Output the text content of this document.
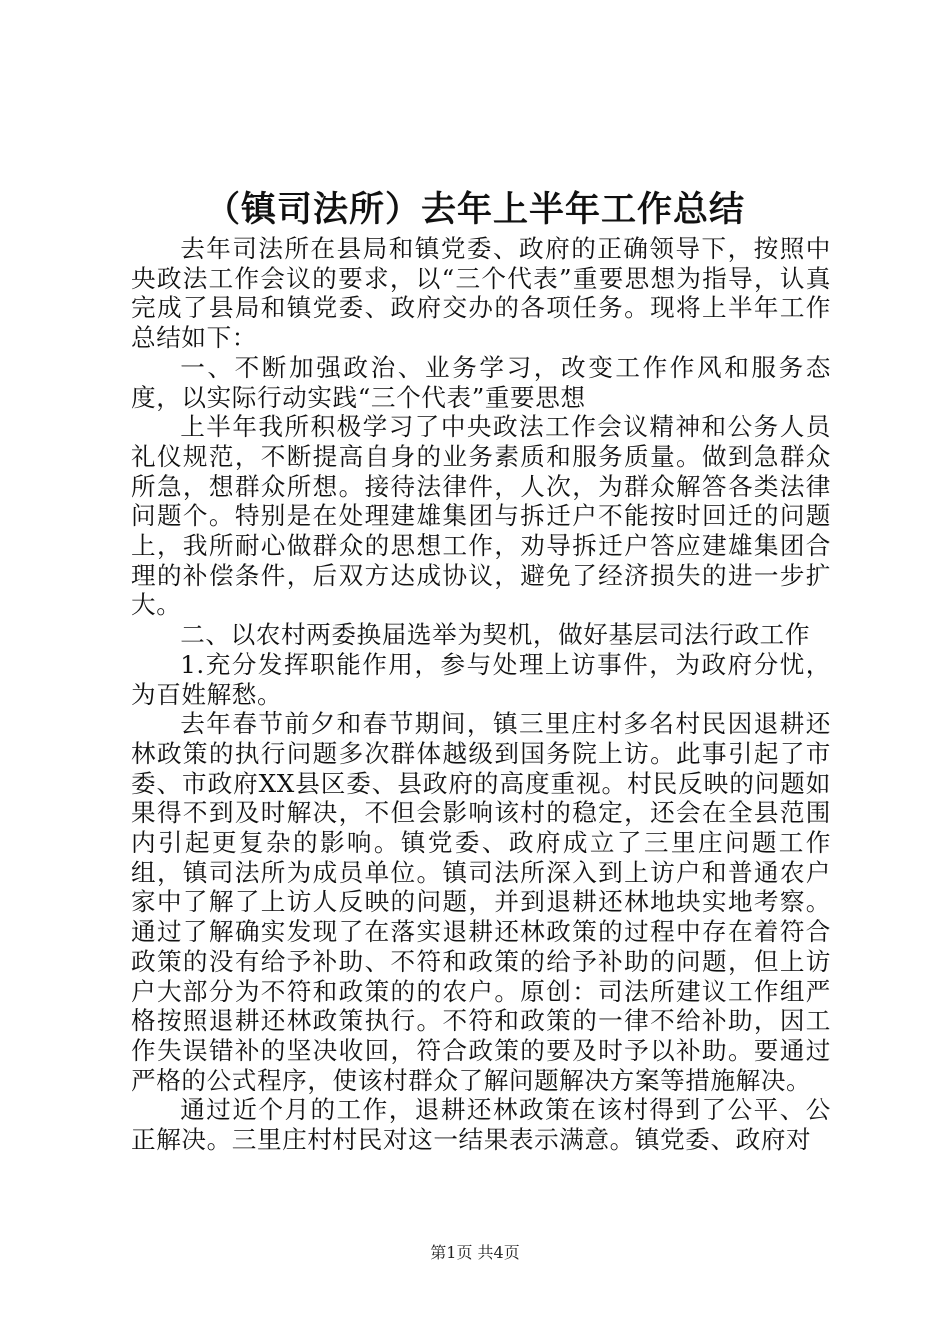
（镇司法所）去年上半年工作总结

去年司法所在县局和镇党委、政府的正确领导下，按照中央政法工作会议的要求，以“三个代表”重要思想为指导，认真完成了县局和镇党委、政府交办的各项任务。现将上半年工作总结如下：

一、不断加强政治、业务学习，改变工作作风和服务态度，以实际行动实践“三个代表”重要思想

上半年我所积极学习了中央政法工作会议精神和公务人员礼仪规范，不断提高自身的业务素质和服务质量。做到急群众所急，想群众所想。接待法律件，人次，为群众解答各类法律问题个。特别是在处理建雄集团与拆迁户不能按时回迁的问题上，我所耐心做群众的思想工作，劝导拆迁户答应建雄集团合理的补偿条件，后双方达成协议，避免了经济损失的进一步扩大。

二、以农村两委换届选举为契机，做好基层司法行政工作

1.充分发挥职能作用，参与处理上访事件，为政府分忧，为百姓解愁。

去年春节前夕和春节期间，镇三里庄村多名村民因退耕还林政策的执行问题多次群体越级到国务院上访。此事引起了市委、市政府XX县区委、县政府的高度重视。村民反映的问题如果得不到及时解决，不但会影响该村的稳定，还会在全县范围内引起更复杂的影响。镇党委、政府成立了三里庄问题工作组，镇司法所为成员单位。镇司法所深入到上访户和普通农户家中了解了上访人反映的问题，并到退耕还林地块实地考察。通过了解确实发现了在落实退耕还林政策的过程中存在着符合政策的没有给予补助、不符和政策的给予补助的问题，但上访户大部分为不符和政策的的农户。原创：司法所建议工作组严格按照退耕还林政策执行。不符和政策的一律不给补助，因工作失误错补的坚决收回，符合政策的要及时予以补助。要通过严格的公式程序，使该村群众了解问题解决方案等措施解决。

通过近个月的工作，退耕还林政策在该村得到了公平、公正解决。三里庄村村民对这一结果表示满意。镇党委、政府对

第1页 共4页
